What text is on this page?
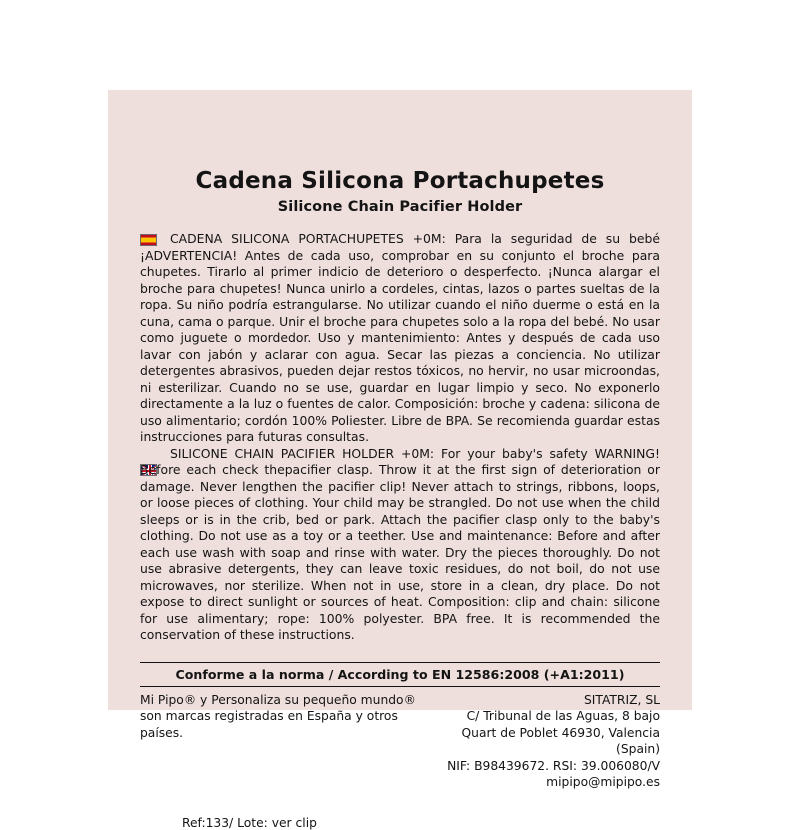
Cadena Silicona Portachupetes
Silicone Chain Pacifier Holder

CADENA SILICONA PORTACHUPETES +0M: Para la seguridad de su bebé ¡ADVERTENCIA! Antes de cada uso, comprobar en su conjunto el broche para chupetes. Tirarlo al primer indicio de deterioro o desperfecto. ¡Nunca alargar el broche para chupetes! Nunca unirlo a cordeles, cintas, lazos o partes sueltas de la ropa. Su niño podría estrangularse. No utilizar cuando el niño duerme o está en la cuna, cama o parque. Unir el broche para chupetes solo a la ropa del bebé. No usar como juguete o mordedor. Uso y mantenimiento: Antes y después de cada uso lavar con jabón y aclarar con agua. Secar las piezas a conciencia. No utilizar detergentes abrasivos, pueden dejar restos tóxicos, no hervir, no usar microondas, ni esterilizar. Cuando no se use, guardar en lugar limpio y seco. No exponerlo directamente a la luz o fuentes de calor. Composición: broche y cadena: silicona de uso alimentario; cordón 100% Poliester. Libre de BPA. Se recomienda guardar estas instrucciones para futuras consultas.

SILICONE CHAIN PACIFIER HOLDER +0M: For your baby's safety WARNING! Before each check thepacifier clasp. Throw it at the first sign of deterioration or damage. Never lengthen the pacifier clip! Never attach to strings, ribbons, loops, or loose pieces of clothing. Your child may be strangled. Do not use when the child sleeps or is in the crib, bed or park. Attach the pacifier clasp only to the baby's clothing. Do not use as a toy or a teether. Use and maintenance: Before and after each use wash with soap and rinse with water. Dry the pieces thoroughly. Do not use abrasive detergents, they can leave toxic residues, do not boil, do not use microwaves, nor sterilize. When not in use, store in a clean, dry place. Do not expose to direct sunlight or sources of heat. Composition: clip and chain: silicone for use alimentary; rope: 100% polyester. BPA free. It is recommended the conservation of these instructions.

Conforme a la norma / According to EN 12586:2008 (+A1:2011)
Mi Pipo® y Personaliza su pequeño mundo® son marcas registradas en España y otros países.
SITATRIZ, SL
C/ Tribunal de las Aguas, 8 bajo
Quart de Poblet 46930, Valencia (Spain)
NIF: B98439672. RSI: 39.006080/V
mipipo@mipipo.es
Ref:133/ Lote: ver clip
